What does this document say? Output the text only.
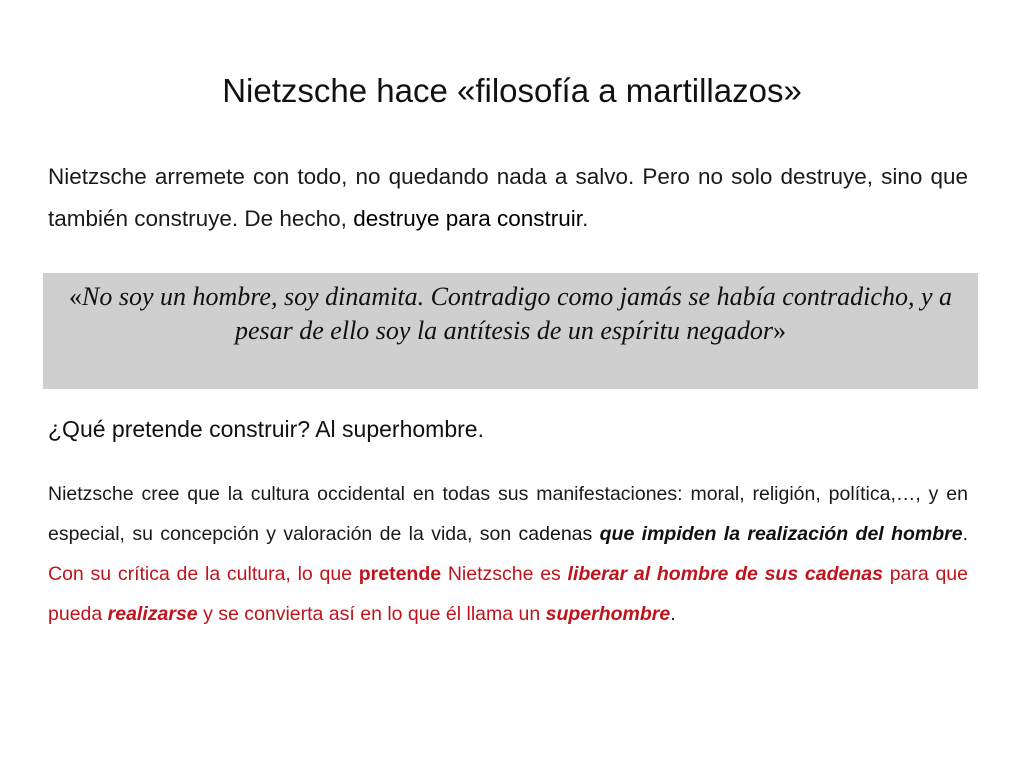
Nietzsche hace «filosofía a martillazos»

Nietzsche arremete con todo, no quedando nada a salvo. Pero no solo destruye, sino que también construye. De hecho, destruye para construir.

«No soy un hombre, soy dinamita. Contradigo como jamás se había contradicho, y a pesar de ello soy la antítesis de un espíritu negador»

¿Qué pretende construir? Al superhombre.

Nietzsche cree que la cultura occidental en todas sus manifestaciones: moral, religión, política,…, y en especial, su concepción y valoración de la vida, son cadenas que impiden la realización del hombre. Con su crítica de la cultura, lo que pretende Nietzsche es liberar al hombre de sus cadenas para que pueda realizarse y se convierta así en lo que él llama un superhombre.
